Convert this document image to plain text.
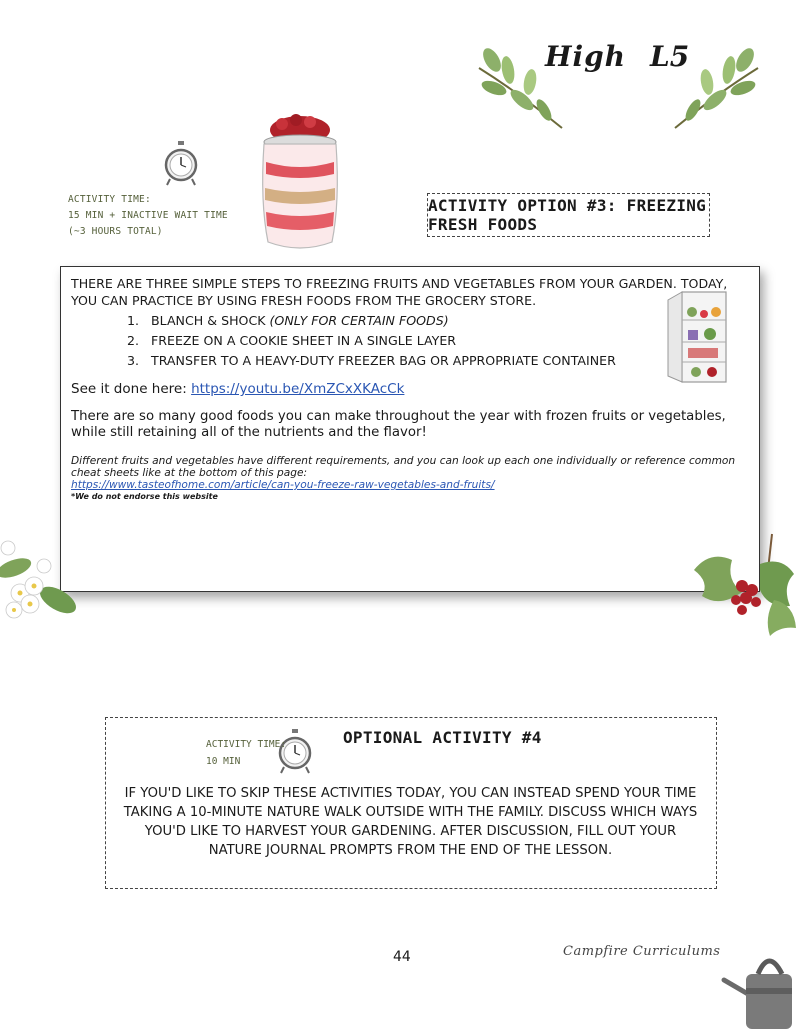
High L5
ACTIVITY TIME:
15 MIN + INACTIVE WAIT TIME
(~3 HOURS TOTAL)
ACTIVITY OPTION #3: FREEZING FRESH FOODS

THERE ARE THREE SIMPLE STEPS TO FREEZING FRUITS AND VEGETABLES FROM YOUR GARDEN. TODAY, YOU CAN PRACTICE BY USING FRESH FOODS FROM THE GROCERY STORE.

1. BLANCH & SHOCK (ONLY FOR CERTAIN FOODS)
2. FREEZE ON A COOKIE SHEET IN A SINGLE LAYER
3. TRANSFER TO A HEAVY-DUTY FREEZER BAG OR APPROPRIATE CONTAINER

See it done here: https://youtu.be/XmZCxXKAcCk

There are so many good foods you can make throughout the year with frozen fruits or vegetables, while still retaining all of the nutrients and the flavor!

Different fruits and vegetables have different requirements, and you can look up each one individually or reference common cheat sheets like at the bottom of this page:
https://www.tasteofhome.com/article/can-you-freeze-raw-vegetables-and-fruits/
*We do not endorse this website

ACTIVITY TIME:
10 MIN
OPTIONAL ACTIVITY #4
IF YOU'D LIKE TO SKIP THESE ACTIVITIES TODAY, YOU CAN INSTEAD SPEND YOUR TIME TAKING A 10-MINUTE NATURE WALK OUTSIDE WITH THE FAMILY. DISCUSS WHICH WAYS YOU'D LIKE TO HARVEST YOUR GARDENING. AFTER DISCUSSION, FILL OUT YOUR NATURE JOURNAL PROMPTS FROM THE END OF THE LESSON.
44	Campfire Curriculums
